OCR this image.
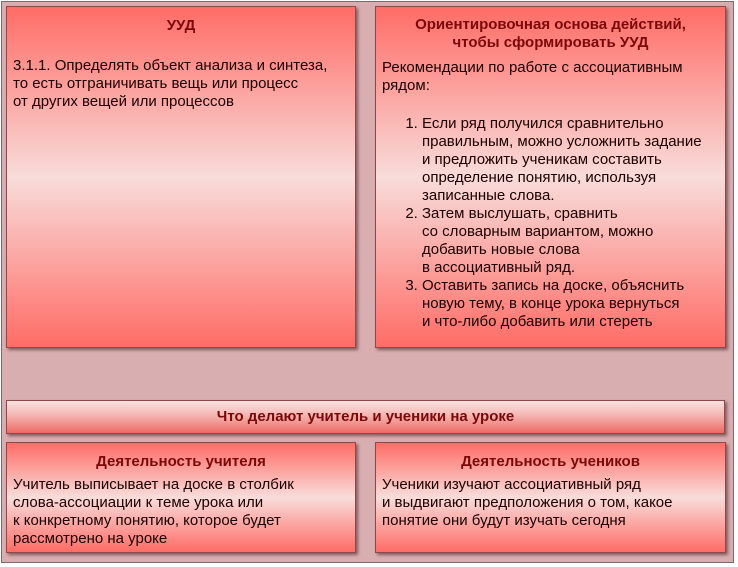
УУД
3.1.1. Определять объект анализа и синтеза,
то есть отграничивать вещь или процесс
от других вещей или процессов
Ориентировочная основа действий,
чтобы сформировать УУД
Рекомендации по работе с ассоциативным
рядом:
1. Если ряд получился сравнительно
правильным, можно усложнить задание
и предложить ученикам составить
определение понятию, используя
записанные слова.
2. Затем выслушать, сравнить
со словарным вариантом, можно
добавить новые слова
в ассоциативный ряд.
3. Оставить запись на доске, объяснить
новую тему, в конце урока вернуться
и что-либо добавить или стереть
Что делают учитель и ученики на уроке
Деятельность учителя
Учитель выписывает на доске в столбик
слова-ассоциации к теме урока или
к конкретному понятию, которое будет
рассмотрено на уроке
Деятельность учеников
Ученики изучают ассоциативный ряд
и выдвигают предположения о том, какое
понятие они будут изучать сегодня
